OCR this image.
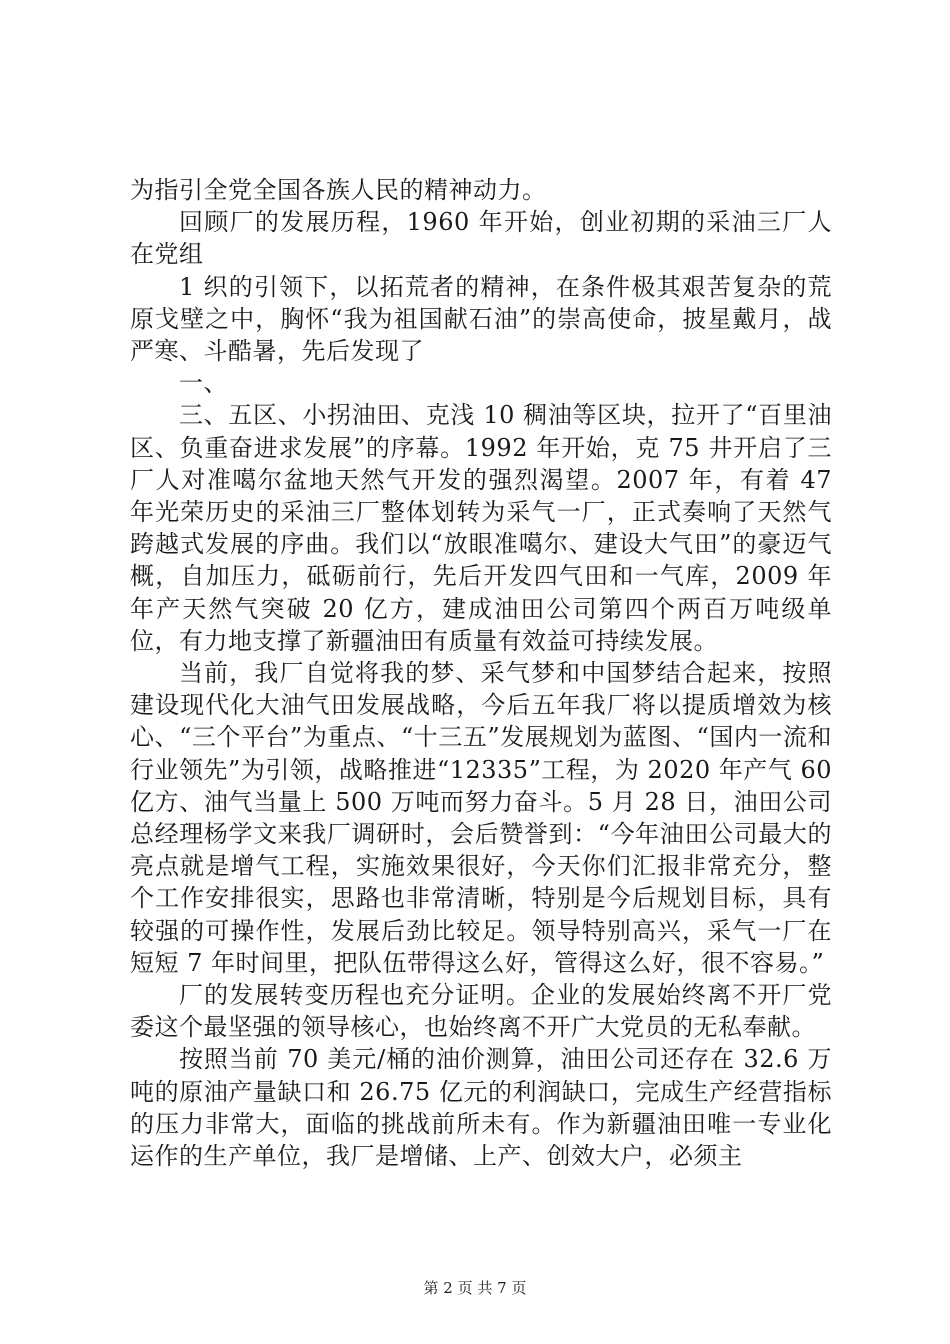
为指引全党全国各族人民的精神动力。

回顾厂的发展历程，1960 年开始，创业初期的采油三厂人在党组

1 织的引领下，以拓荒者的精神，在条件极其艰苦复杂的荒原戈壁之中，胸怀“我为祖国献石油”的崇高使命，披星戴月，战严寒、斗酷暑，先后发现了

一、

三、五区、小拐油田、克浅 10 稠油等区块，拉开了“百里油区、负重奋进求发展”的序幕。1992 年开始，克 75 井开启了三厂人对准噶尔盆地天然气开发的强烈渴望。2007 年，有着 47 年光荣历史的采油三厂整体划转为采气一厂，正式奏响了天然气跨越式发展的序曲。我们以“放眼准噶尔、建设大气田”的豪迈气概，自加压力，砥砺前行，先后开发四气田和一气库，2009 年年产天然气突破 20 亿方，建成油田公司第四个两百万吨级单位，有力地支撑了新疆油田有质量有效益可持续发展。

当前，我厂自觉将我的梦、采气梦和中国梦结合起来，按照建设现代化大油气田发展战略，今后五年我厂将以提质增效为核心、“三个平台”为重点、“十三五”发展规划为蓝图、“国内一流和行业领先”为引领，战略推进“12335”工程，为 2020 年产气 60 亿方、油气当量上 500 万吨而努力奋斗。5 月 28 日，油田公司总经理杨学文来我厂调研时，会后赞誉到：“今年油田公司最大的亮点就是增气工程，实施效果很好，今天你们汇报非常充分，整个工作安排很实，思路也非常清晰，特别是今后规划目标，具有较强的可操作性，发展后劲比较足。领导特别高兴，采气一厂在短短 7 年时间里，把队伍带得这么好，管得这么好，很不容易。”

厂的发展转变历程也充分证明。企业的发展始终离不开厂党委这个最坚强的领导核心，也始终离不开广大党员的无私奉献。

按照当前 70 美元/桶的油价测算，油田公司还存在 32.6 万吨的原油产量缺口和 26.75 亿元的利润缺口，完成生产经营指标的压力非常大，面临的挑战前所未有。作为新疆油田唯一专业化运作的生产单位，我厂是增储、上产、创效大户，必须主

第 2 页 共 7 页
